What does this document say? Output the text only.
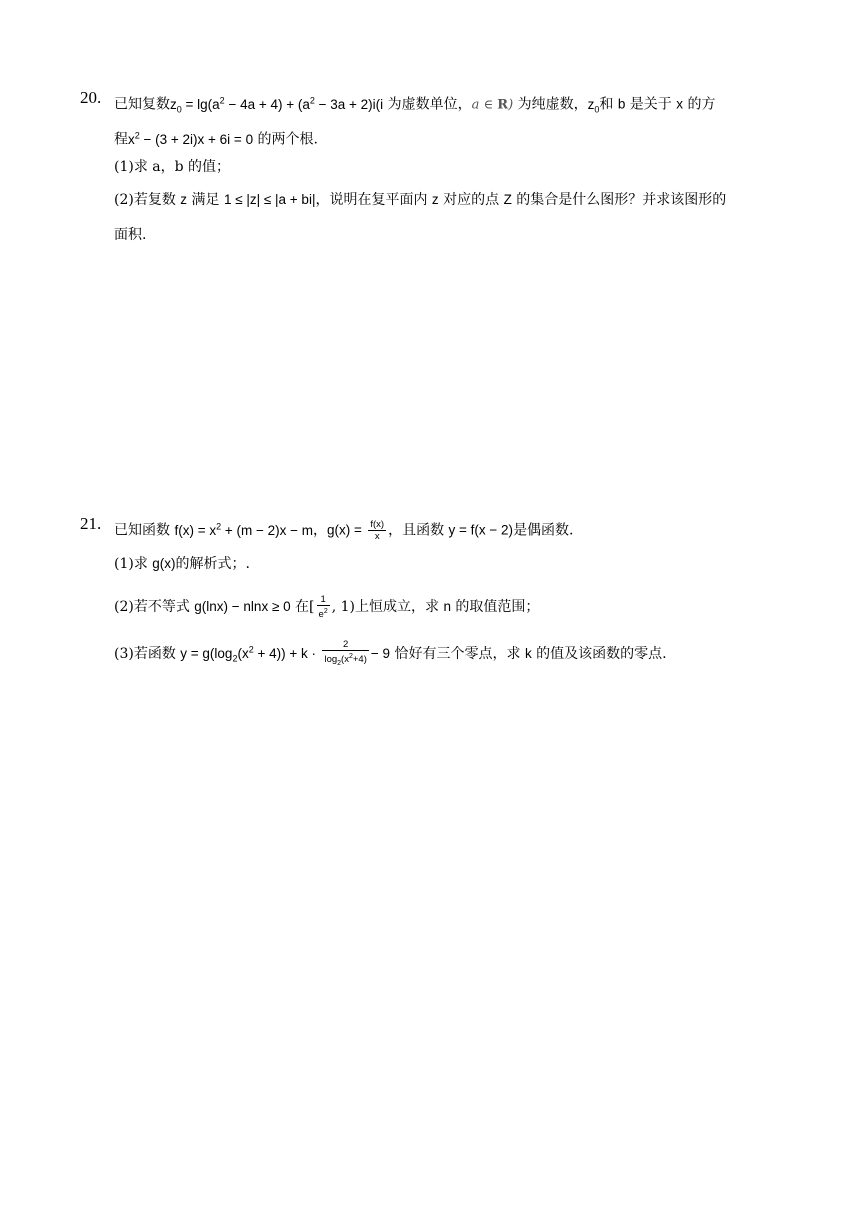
20. 已知复数$z_0 = \lg(a^2 - 4a + 4) + (a^2 - 3a + 2)i(i$ 为虚数单位，a ∈ R) 为纯虚数，$z_0$和 b 是关于 x 的方
程$x^2 - (3 + 2i)x + 6i = 0$ 的两个根.
(1)求 a，b 的值；
(2)若复数 z 满足 1 ≤ |z| ≤ |a + bi|，说明在复平面内 z 对应的点 Z 的集合是什么图形？并求该图形的
面积.
21. 已知函数 $f(x) = x^2 + (m - 2)x - m$，$g(x) = \frac{f(x)}{x}$ ，且函数 y = f(x − 2)是偶函数.
(1)求 g(x)的解析式；.
(2)若不等式 g(lnx) − nlnx ≥ 0 在[ $\frac{1}{e^2}$ , 1)上恒成立，求 n 的取值范围；
(3)若函数 $y = g(\log_2(x^2 + 4)) + k \cdot \frac{2}{\log_2(x^2+4)} - 9$ 恰好有三个零点，求 k 的值及该函数的零点.
